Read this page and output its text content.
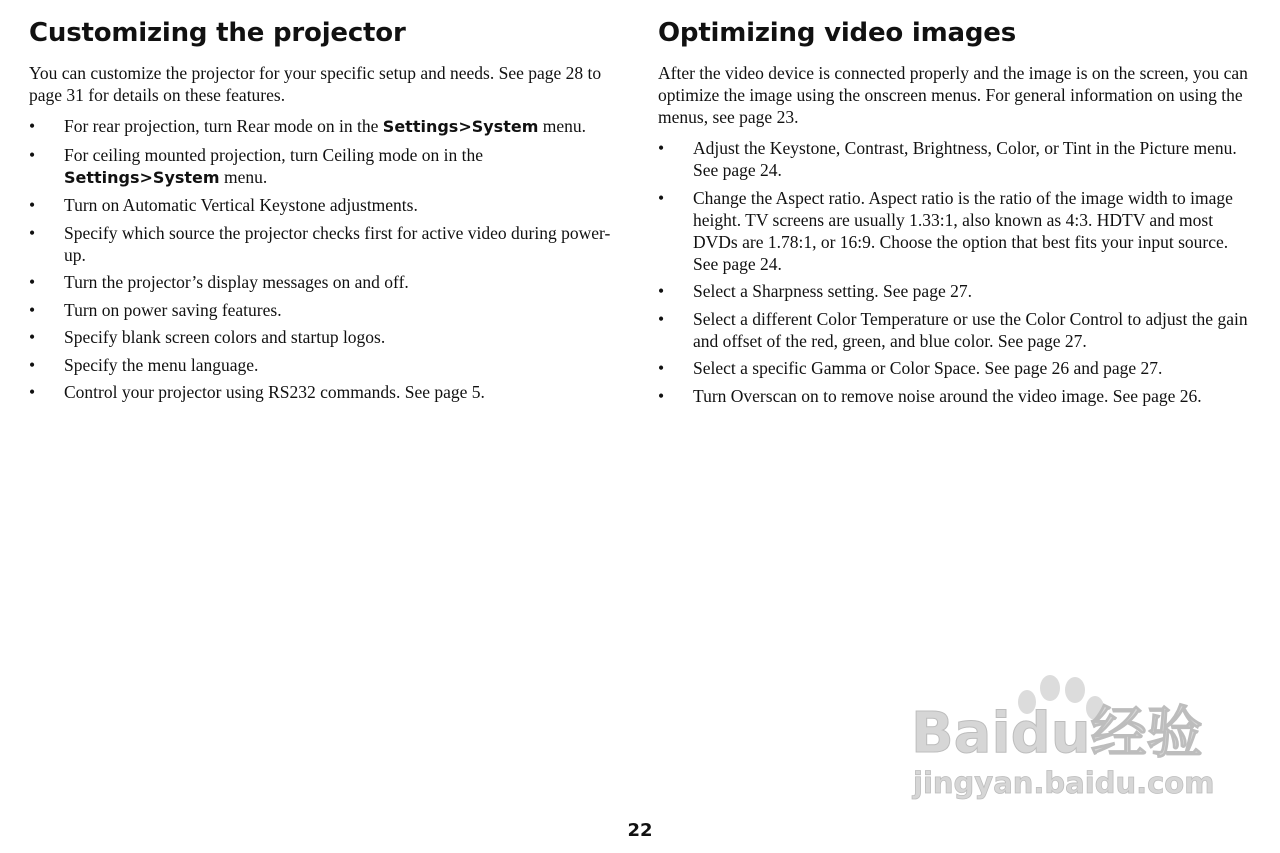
Customizing the projector

You can customize the projector for your specific setup and needs. See page 28 to page 31 for details on these features.

• For rear projection, turn Rear mode on in the Settings>System menu.
• For ceiling mounted projection, turn Ceiling mode on in the Settings>System menu.
• Turn on Automatic Vertical Keystone adjustments.
• Specify which source the projector checks first for active video during power-up.
• Turn the projector’s display messages on and off.
• Turn on power saving features.
• Specify blank screen colors and startup logos.
• Specify the menu language.
• Control your projector using RS232 commands. See page 5.
Optimizing video images

After the video device is connected properly and the image is on the screen, you can optimize the image using the onscreen menus. For general information on using the menus, see page 23.

• Adjust the Keystone, Contrast, Brightness, Color, or Tint in the Picture menu. See page 24.
• Change the Aspect ratio. Aspect ratio is the ratio of the image width to image height. TV screens are usually 1.33:1, also known as 4:3. HDTV and most DVDs are 1.78:1, or 16:9. Choose the option that best fits your input source. See page 24.
• Select a Sharpness setting. See page 27.
• Select a different Color Temperature or use the Color Control to adjust the gain and offset of the red, green, and blue color. See page 27.
• Select a specific Gamma or Color Space. See page 26 and page 27.
• Turn Overscan on to remove noise around the video image. See page 26.
Baidu经验
jingyan.baidu.com
22
